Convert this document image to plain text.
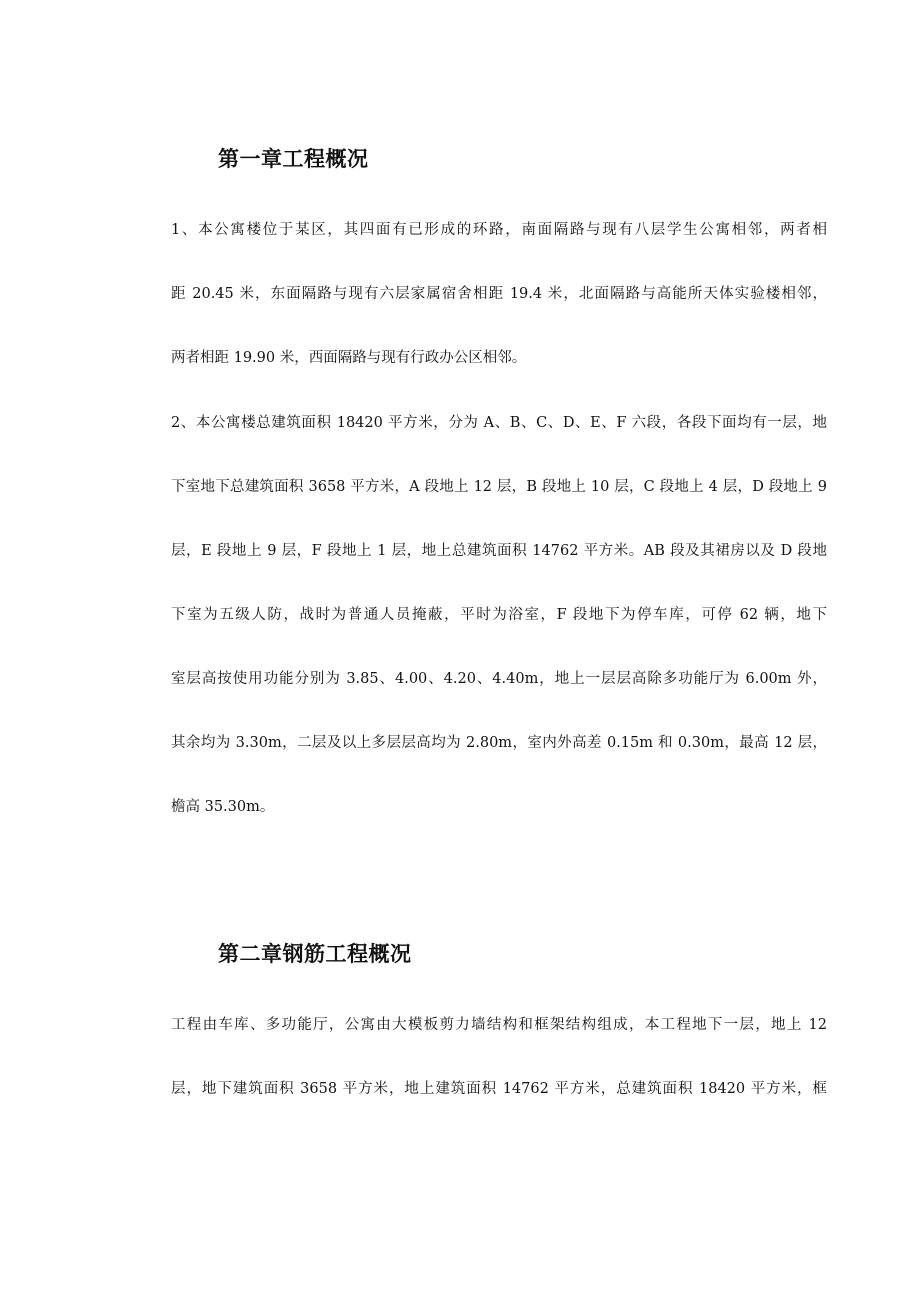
第一章工程概况
1、本公寓楼位于某区，其四面有已形成的环路，南面隔路与现有八层学生公寓相邻，两者相
距 20.45 米，东面隔路与现有六层家属宿舍相距 19.4 米，北面隔路与高能所天体实验楼相邻，
两者相距 19.90 米，西面隔路与现有行政办公区相邻。
2、本公寓楼总建筑面积 18420 平方米，分为 A、B、C、D、E、F 六段，各段下面均有一层，地
下室地下总建筑面积 3658 平方米，A 段地上 12 层，B 段地上 10 层，C 段地上 4 层，D 段地上 9
层，E 段地上 9 层，F 段地上 1 层，地上总建筑面积 14762 平方米。AB 段及其裙房以及 D 段地
下室为五级人防，战时为普通人员掩蔽，平时为浴室，F 段地下为停车库，可停 62 辆，地下
室层高按使用功能分别为 3.85、4.00、4.20、4.40m，地上一层层高除多功能厅为 6.00m 外，
其余均为 3.30m，二层及以上多层层高均为 2.80m，室内外高差 0.15m 和 0.30m，最高 12 层，
檐高 35.30m。
第二章钢筋工程概况
工程由车库、多功能厅，公寓由大模板剪力墙结构和框架结构组成，本工程地下一层，地上 12
层，地下建筑面积 3658 平方米，地上建筑面积 14762 平方米，总建筑面积 18420 平方米，框
